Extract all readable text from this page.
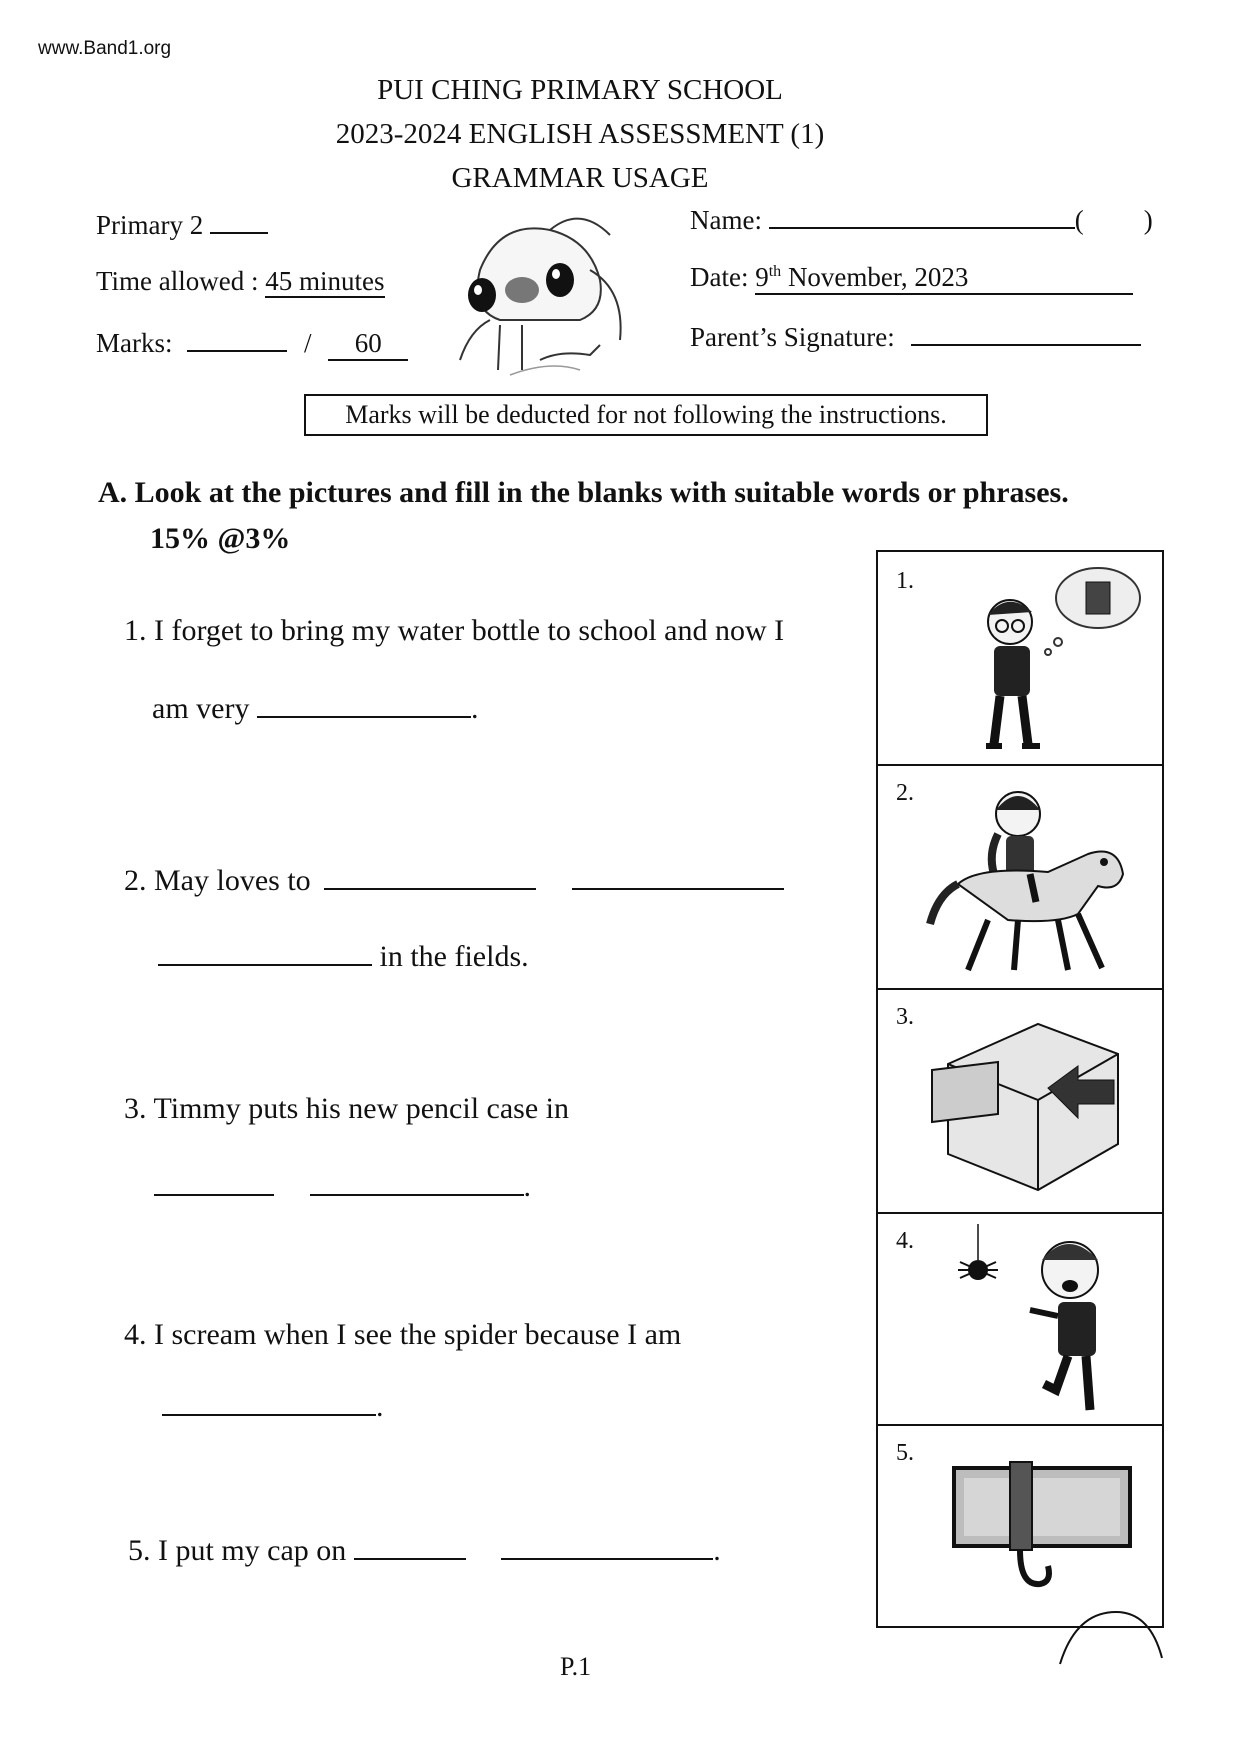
www.Band1.org
PUI CHING PRIMARY SCHOOL
2023-2024 ENGLISH ASSESSMENT (1)
GRAMMAR USAGE
Primary 2
Time allowed : 45 minutes
Marks:	/ 60
Name:	( )
Date: 9th November, 2023
Parent’s Signature:
Marks will be deducted for not following the instructions.
A. Look at the pictures and fill in the blanks with suitable words or phrases.
15% @3%
1. I forget to bring my water bottle to school and now I
am very	.
2. May loves to
in the fields.
3. Timmy puts his new pencil case in
.
4. I scream when I see the spider because I am
.
5. I put my cap on	.
1.
2.
3.
4.
5.
P.1
